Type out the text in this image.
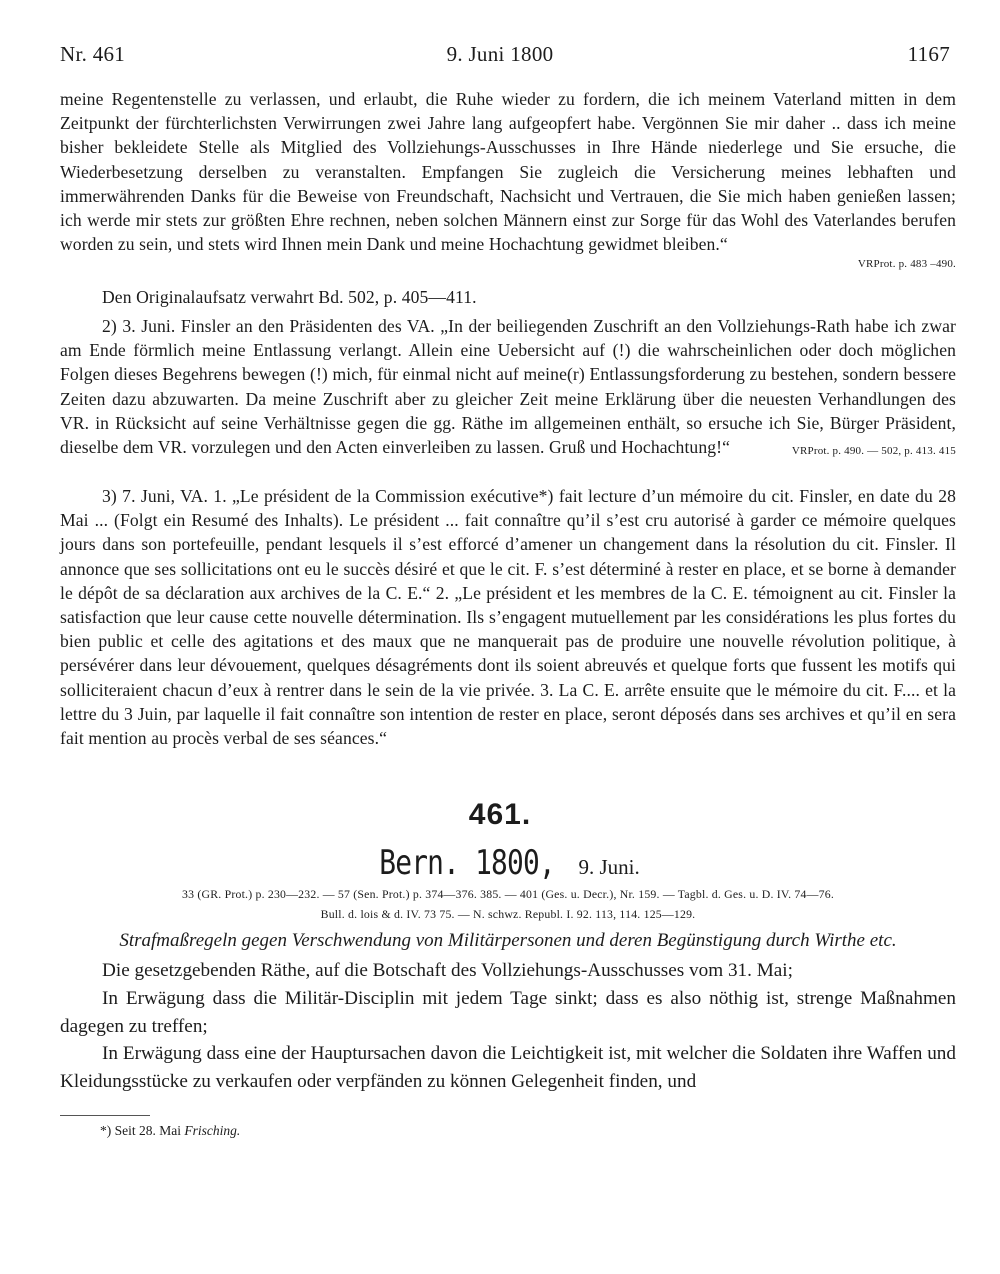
Nr. 461	9. Juni 1800	1167

meine Regentenstelle zu verlassen, und erlaubt, die Ruhe wieder zu fordern, die ich meinem Vaterland mitten in dem Zeitpunkt der fürchterlichsten Verwirrungen zwei Jahre lang aufgeopfert habe. Vergönnen Sie mir daher .. dass ich meine bisher bekleidete Stelle als Mitglied des Vollziehungs-Ausschusses in Ihre Hände niederlege und Sie ersuche, die Wiederbesetzung derselben zu veranstalten. Empfangen Sie zugleich die Versicherung meines lebhaften und immerwährenden Danks für die Beweise von Freundschaft, Nachsicht und Vertrauen, die Sie mich haben genießen lassen; ich werde mir stets zur größten Ehre rechnen, neben solchen Männern einst zur Sorge für das Wohl des Vaterlandes berufen worden zu sein, und stets wird Ihnen mein Dank und meine Hochachtung gewidmet bleiben.“
VRProt. p. 483 –490.

Den Originalaufsatz verwahrt Bd. 502, p. 405—411.

2) 3. Juni. Finsler an den Präsidenten des VA. „In der beiliegenden Zuschrift an den Vollziehungs-Rath habe ich zwar am Ende förmlich meine Entlassung verlangt. Allein eine Uebersicht auf (!) die wahrscheinlichen oder doch möglichen Folgen dieses Begehrens bewegen (!) mich, für einmal nicht auf meine(r) Entlassungsforderung zu bestehen, sondern bessere Zeiten dazu abzuwarten. Da meine Zuschrift aber zu gleicher Zeit meine Erklärung über die neuesten Verhandlungen des VR. in Rücksicht auf seine Verhältnisse gegen die gg. Räthe im allgemeinen enthält, so ersuche ich Sie, Bürger Präsident, dieselbe dem VR. vorzulegen und den Acten einverleiben zu lassen. Gruß und Hochachtung!“	VRProt. p. 490. — 502, p. 413. 415

3) 7. Juni, VA. 1. „Le président de la Commission exécutive*) fait lecture d’un mémoire du cit. Finsler, en date du 28 Mai ... (Folgt ein Resumé des Inhalts). Le président ... fait connaître qu’il s’est cru autorisé à garder ce mémoire quelques jours dans son portefeuille, pendant lesquels il s’est efforcé d’amener un changement dans la résolution du cit. Finsler. Il annonce que ses sollicitations ont eu le succès désiré et que le cit. F. s’est déterminé à rester en place, et se borne à demander le dépôt de sa déclaration aux archives de la C. E.“ 2. „Le président et les membres de la C. E. témoignent au cit. Finsler la satisfaction que leur cause cette nouvelle détermination. Ils s’engagent mutuellement par les considérations les plus fortes du bien public et celle des agitations et des maux que ne manquerait pas de produire une nouvelle révolution politique, à persévérer dans leur dévouement, quelques désagréments dont ils soient abreuvés et quelque forts que fussent les motifs qui solliciteraient chacun d’eux à rentrer dans le sein de la vie privée. 3. La C. E. arrête ensuite que le mémoire du cit. F.... et la lettre du 3 Juin, par laquelle il fait connaître son intention de rester en place, seront déposés dans ses archives et qu’il en sera fait mention au procès verbal de ses séances.“

461.
Bern. 1800, 9. Juni.
33 (GR. Prot.) p. 230—232. — 57 (Sen. Prot.) p. 374—376. 385. — 401 (Ges. u. Decr.), Nr. 159. — Tagbl. d. Ges. u. D. IV. 74—76.
Bull. d. lois & d. IV. 73 75. — N. schwz. Republ. I. 92. 113, 114. 125—129.
Strafmaßregeln gegen Verschwendung von Militärpersonen und deren Begünstigung durch Wirthe etc.

Die gesetzgebenden Räthe, auf die Botschaft des Vollziehungs-Ausschusses vom 31. Mai;

In Erwägung dass die Militär-Disciplin mit jedem Tage sinkt; dass es also nöthig ist, strenge Maßnahmen dagegen zu treffen;

In Erwägung dass eine der Hauptursachen davon die Leichtigkeit ist, mit welcher die Soldaten ihre Waffen und Kleidungsstücke zu verkaufen oder verpfänden zu können Gelegenheit finden, und

*) Seit 28. Mai Frisching.
